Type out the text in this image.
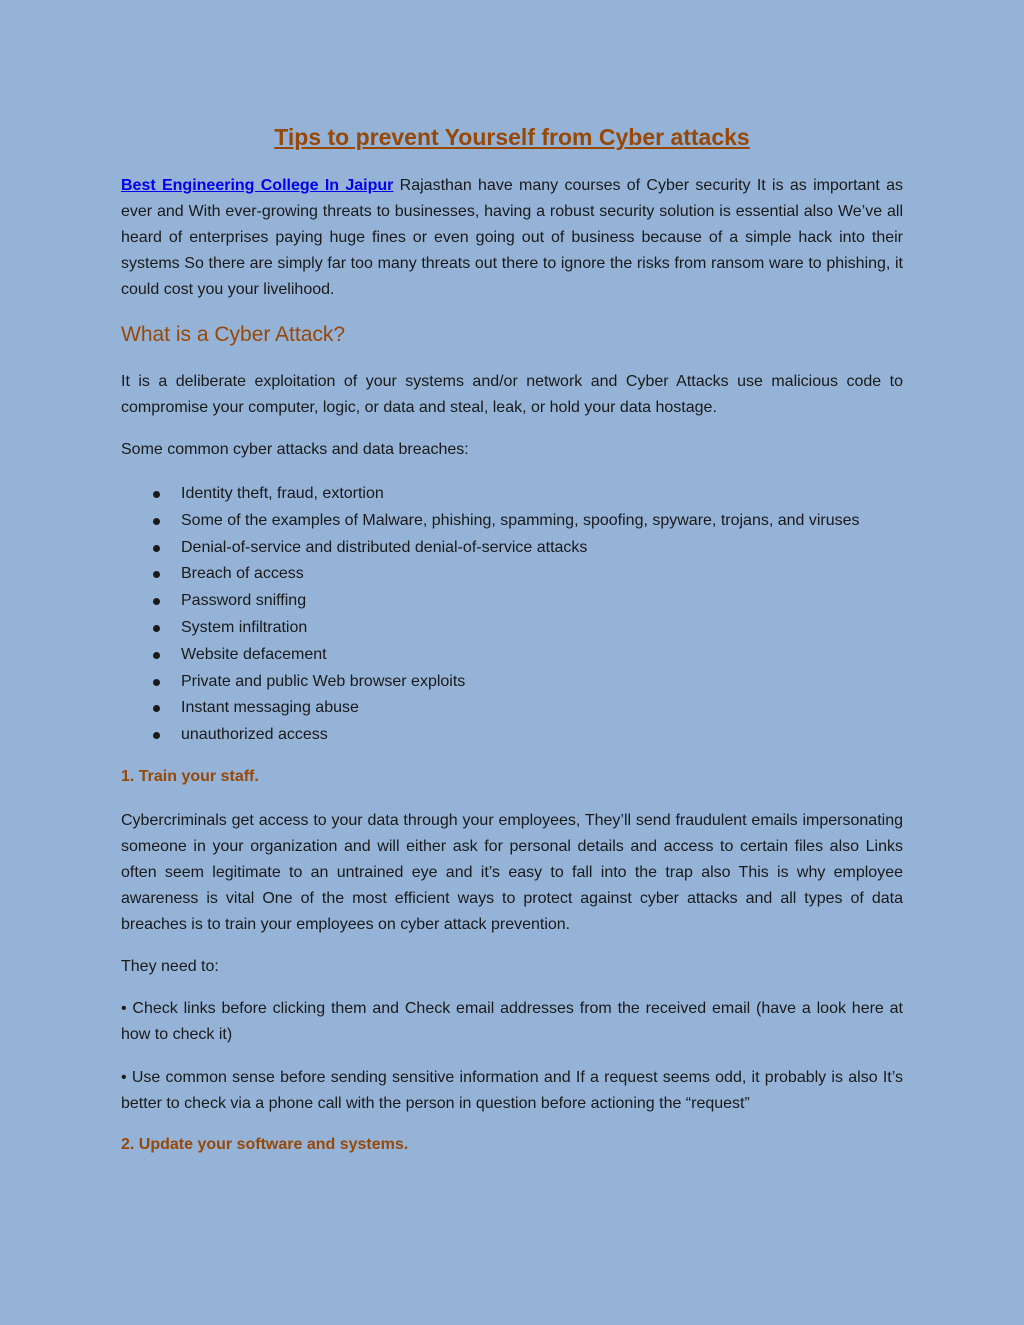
Tips to prevent Yourself from Cyber attacks

Best Engineering College In Jaipur Rajasthan have many courses of Cyber security It is as important as ever and With ever-growing threats to businesses, having a robust security solution is essential also We’ve all heard of enterprises paying huge fines or even going out of business because of a simple hack into their systems So there are simply far too many threats out there to ignore the risks from ransom ware to phishing, it could cost you your livelihood.

What is a Cyber Attack?

It is a deliberate exploitation of your systems and/or network and Cyber Attacks use malicious code to compromise your computer, logic, or data and steal, leak, or hold your data hostage.

Some common cyber attacks and data breaches:

Identity theft, fraud, extortion
Some of the examples of Malware, phishing, spamming, spoofing, spyware, trojans, and viruses
Denial-of-service and distributed denial-of-service attacks
Breach of access
Password sniffing
System infiltration
Website defacement
Private and public Web browser exploits
Instant messaging abuse
unauthorized access
1. Train your staff.

Cybercriminals get access to your data through your employees, They’ll send fraudulent emails impersonating someone in your organization and will either ask for personal details and access to certain files also Links often seem legitimate to an untrained eye and it’s easy to fall into the trap also This is why employee awareness is vital One of the most efficient ways to protect against cyber attacks and all types of data breaches is to train your employees on cyber attack prevention.

They need to:

• Check links before clicking them and Check email addresses from the received email (have a look here at how to check it)

• Use common sense before sending sensitive information and If a request seems odd, it probably is also It’s better to check via a phone call with the person in question before actioning the “request”

2. Update your software and systems.
